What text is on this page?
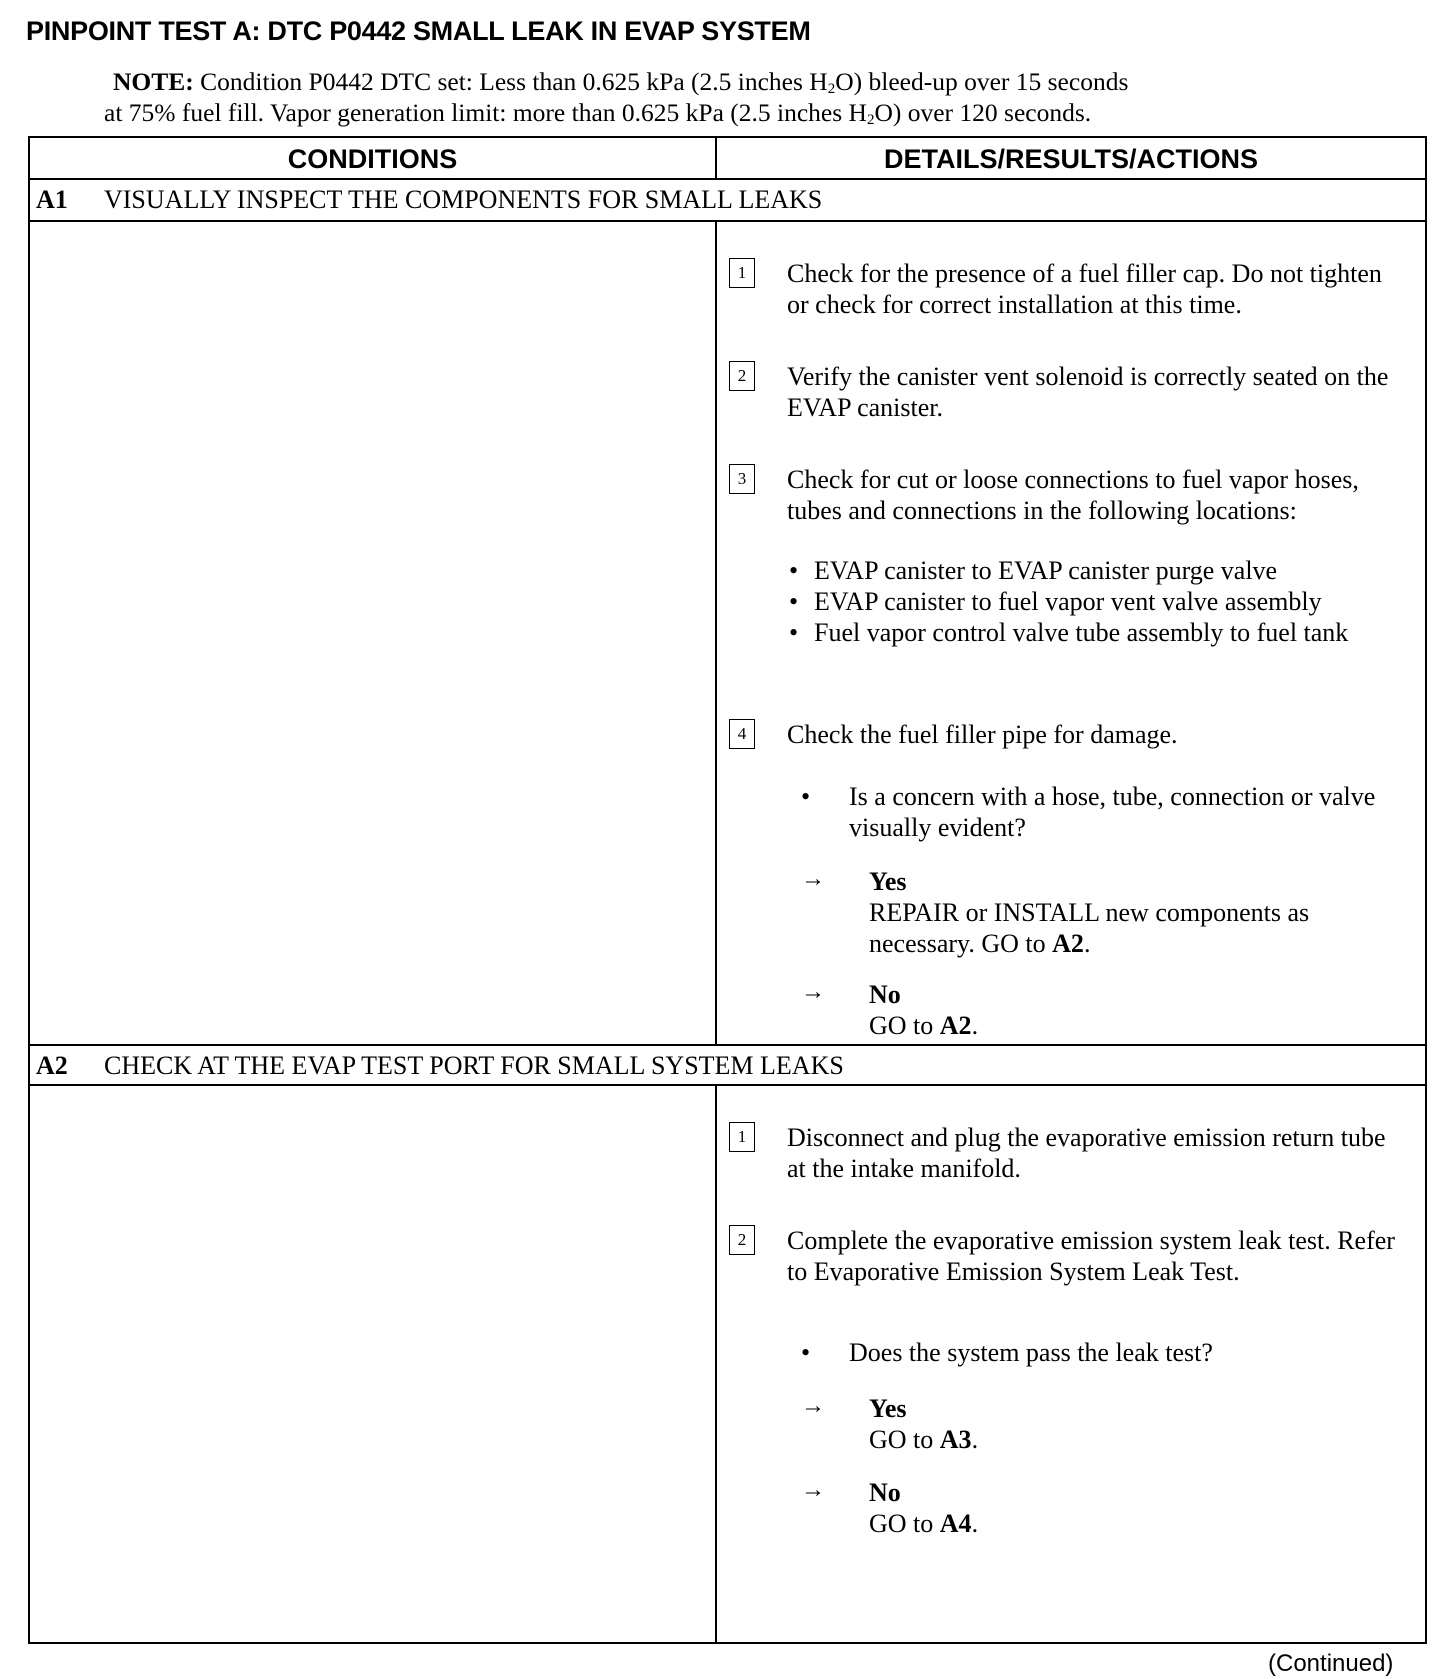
PINPOINT TEST A: DTC P0442 SMALL LEAK IN EVAP SYSTEM
NOTE: Condition P0442 DTC set: Less than 0.625 kPa (2.5 inches $H_2O$) bleed-up over 15 seconds
at 75% fuel fill. Vapor generation limit: more than 0.625 kPa (2.5 inches $H_2O$) over 120 seconds.
CONDITIONS	DETAILS/RESULTS/ACTIONS
A1 VISUALLY INSPECT THE COMPONENTS FOR SMALL LEAKS
1	Check for the presence of a fuel filler cap. Do not tighten or check for correct installation at this time.
2	Verify the canister vent solenoid is correctly seated on the EVAP canister.
3	Check for cut or loose connections to fuel vapor hoses, tubes and connections in the following locations:
• EVAP canister to EVAP canister purge valve
• EVAP canister to fuel vapor vent valve assembly
• Fuel vapor control valve tube assembly to fuel tank
4	Check the fuel filler pipe for damage.
• Is a concern with a hose, tube, connection or valve visually evident?
→ Yes
REPAIR or INSTALL new components as necessary. GO to A2.
→ No
GO to A2.
A2 CHECK AT THE EVAP TEST PORT FOR SMALL SYSTEM LEAKS
1	Disconnect and plug the evaporative emission return tube at the intake manifold.
2	Complete the evaporative emission system leak test. Refer to Evaporative Emission System Leak Test.
• Does the system pass the leak test?
→ Yes
GO to A3.
→ No
GO to A4.
(Continued)
